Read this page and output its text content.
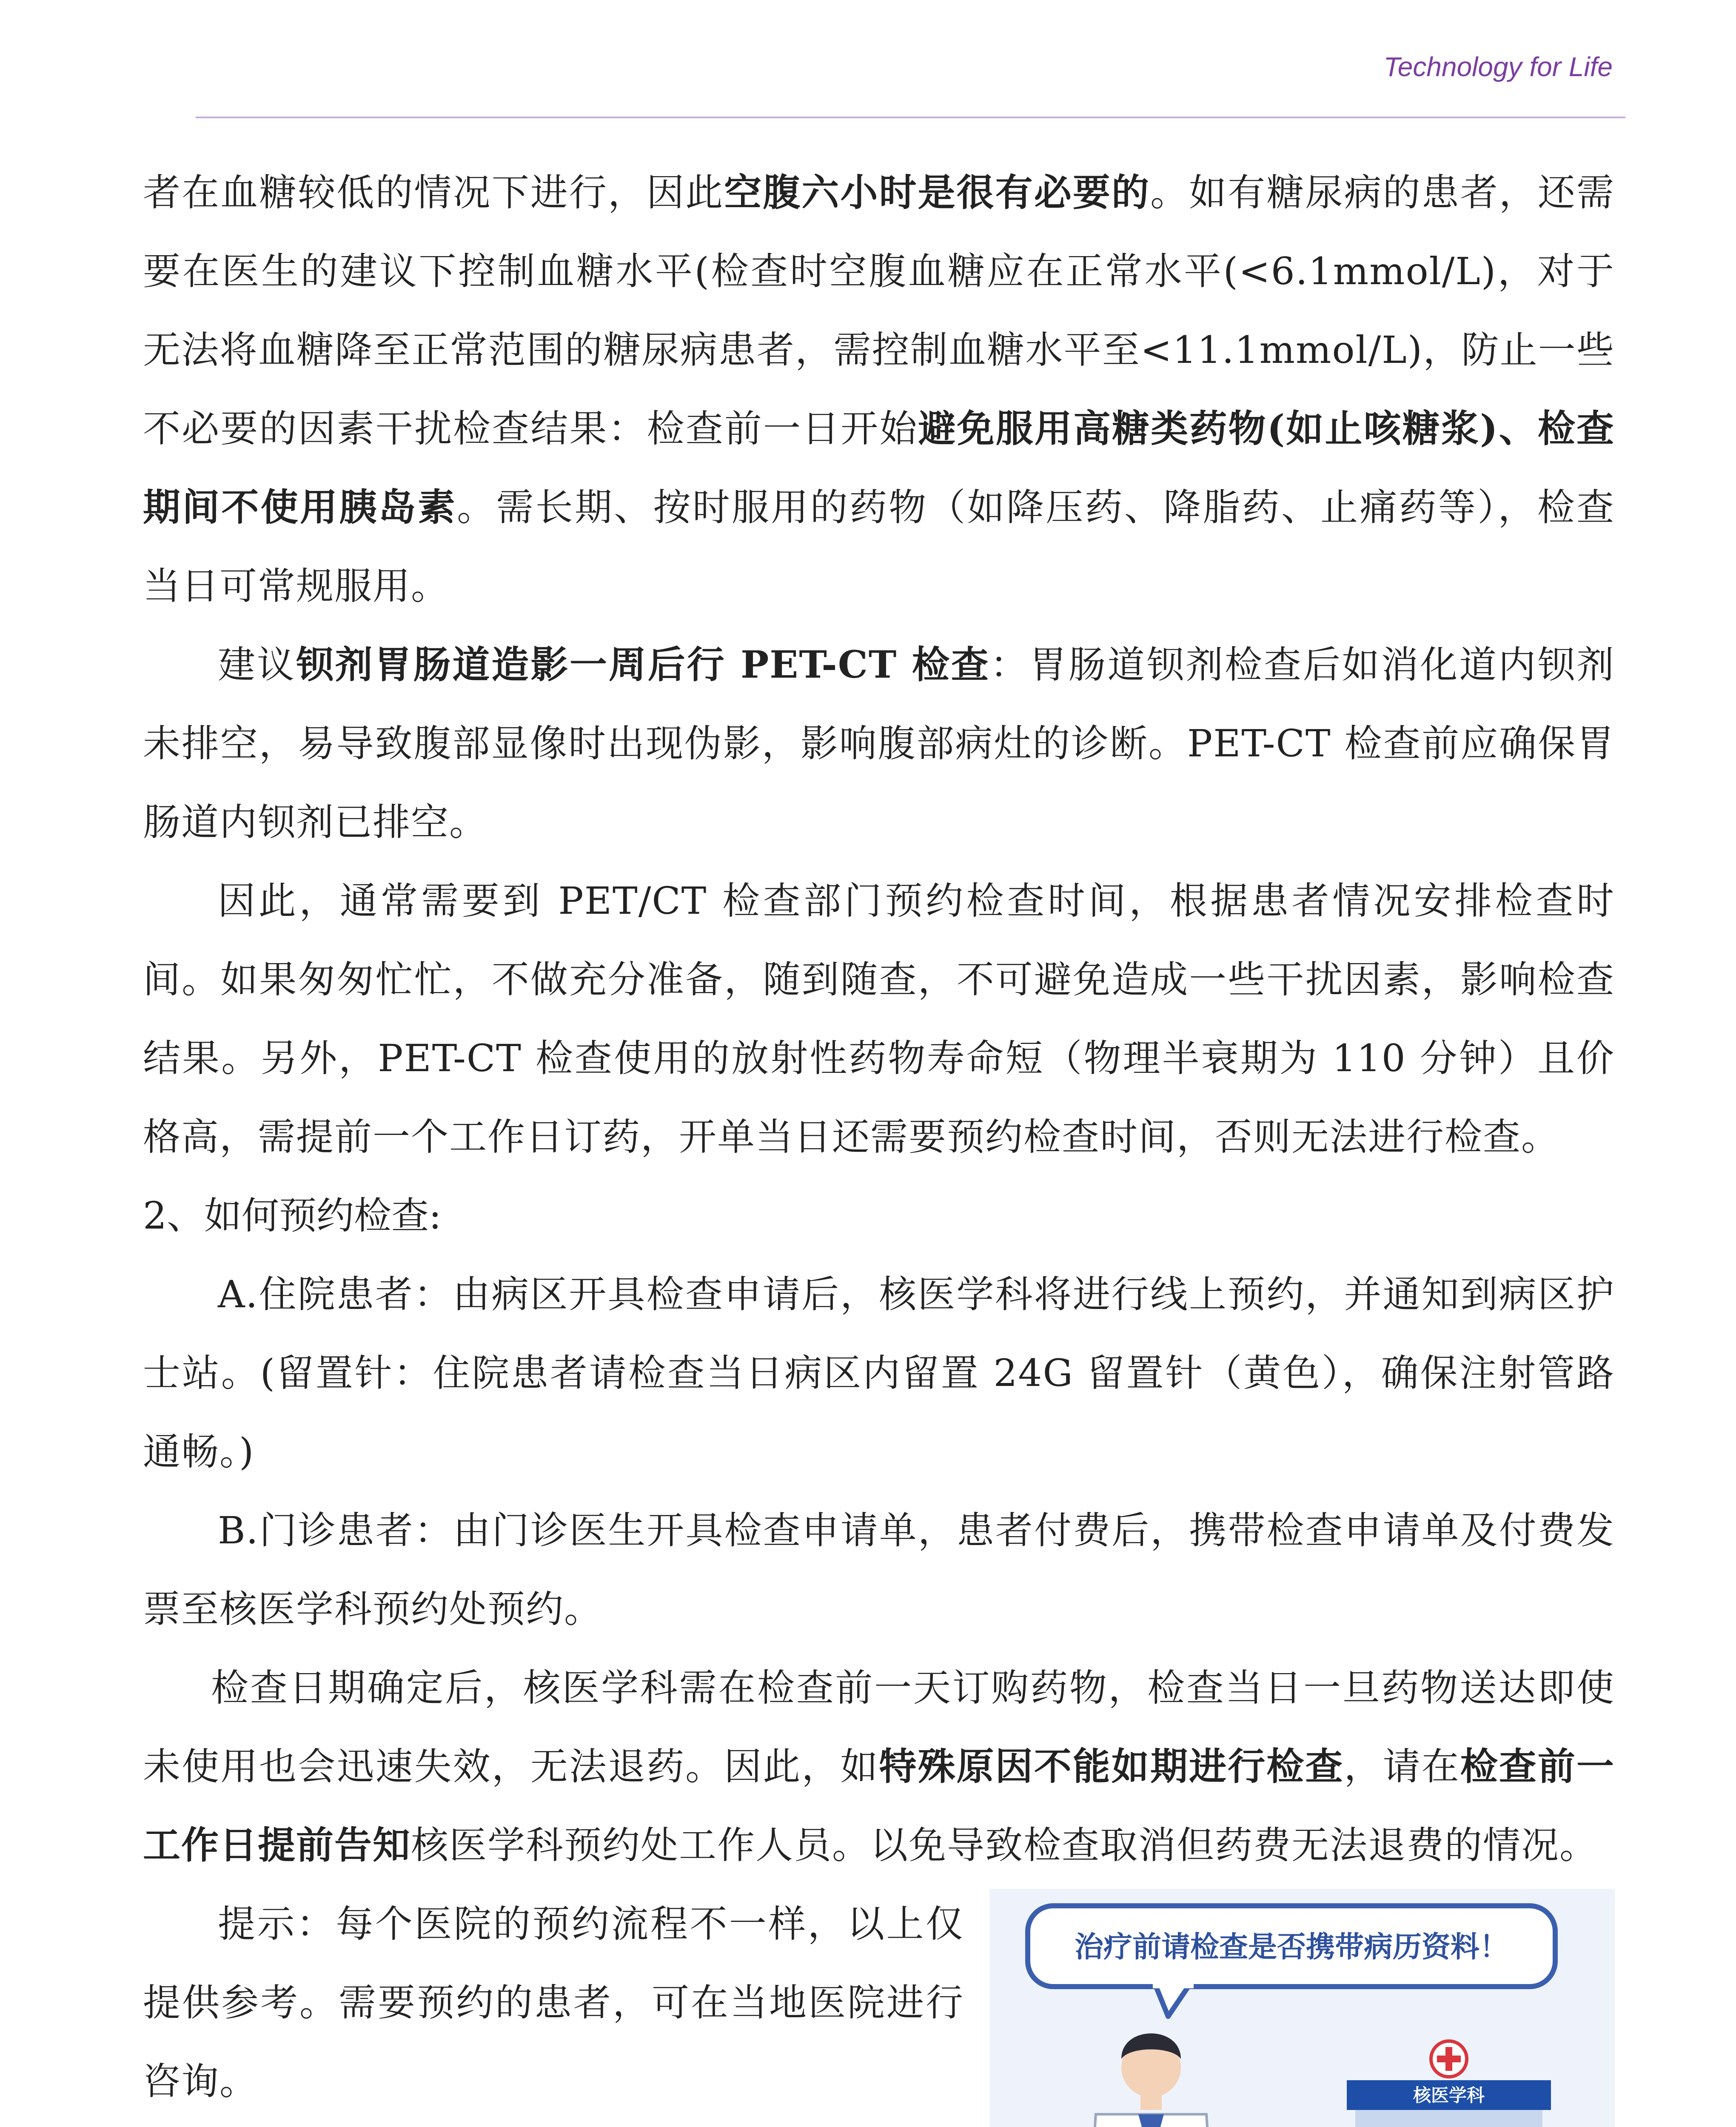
Technology for Life

者在血糖较低的情况下进行，因此空腹六小时是很有必要的。如有糖尿病的患者，还需要在医生的建议下控制血糖水平(检查时空腹血糖应在正常水平(<6.1mmol/L)，对于无法将血糖降至正常范围的糖尿病患者，需控制血糖水平至<11.1mmol/L)，防止一些不必要的因素干扰检查结果：检查前一日开始避免服用高糖类药物(如止咳糖浆)、检查期间不使用胰岛素。需长期、按时服用的药物（如降压药、降脂药、止痛药等），检查当日可常规服用。

建议钡剂胃肠道造影一周后行 PET-CT 检查：胃肠道钡剂检查后如消化道内钡剂未排空，易导致腹部显像时出现伪影，影响腹部病灶的诊断。PET-CT 检查前应确保胃肠道内钡剂已排空。

因此，通常需要到 PET/CT 检查部门预约检查时间，根据患者情况安排检查时间。如果匆匆忙忙，不做充分准备，随到随查，不可避免造成一些干扰因素，影响检查结果。另外，PET-CT 检查使用的放射性药物寿命短（物理半衰期为 110 分钟）且价格高，需提前一个工作日订药，开单当日还需要预约检查时间，否则无法进行检查。

2、如何预约检查:

A.住院患者：由病区开具检查申请后，核医学科将进行线上预约，并通知到病区护士站。(留置针：住院患者请检查当日病区内留置 24G 留置针（黄色），确保注射管路通畅。)

B.门诊患者：由门诊医生开具检查申请单，患者付费后，携带检查申请单及付费发票至核医学科预约处预约。

检查日期确定后，核医学科需在检查前一天订购药物，检查当日一旦药物送达即使未使用也会迅速失效，无法退药。因此，如特殊原因不能如期进行检查，请在检查前一工作日提前告知核医学科预约处工作人员。以免导致检查取消但药费无法退费的情况。

提示：每个医院的预约流程不一样，以上仅提供参考。需要预约的患者，可在当地医院进行咨询。

治疗前请检查是否携带病历资料！
核医学科
